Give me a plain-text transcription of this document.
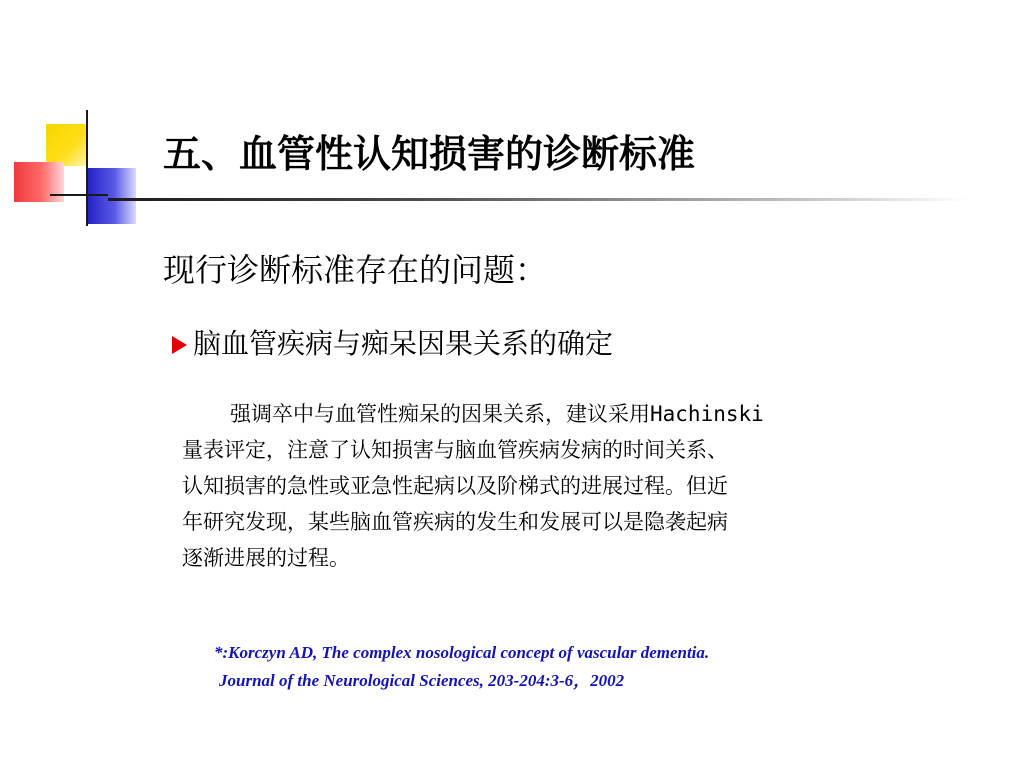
五、血管性认知损害的诊断标准
现行诊断标准存在的问题：
脑血管疾病与痴呆因果关系的确定

强调卒中与血管性痴呆的因果关系，建议采用Hachinski

量表评定，注意了认知损害与脑血管疾病发病的时间关系、

认知损害的急性或亚急性起病以及阶梯式的进展过程。但近

年研究发现，某些脑血管疾病的发生和发展可以是隐袭起病

逐渐进展的过程。

*:Korczyn AD, The complex nosological concept of vascular dementia.
Journal of the Neurological Sciences, 203-204:3-6，2002
